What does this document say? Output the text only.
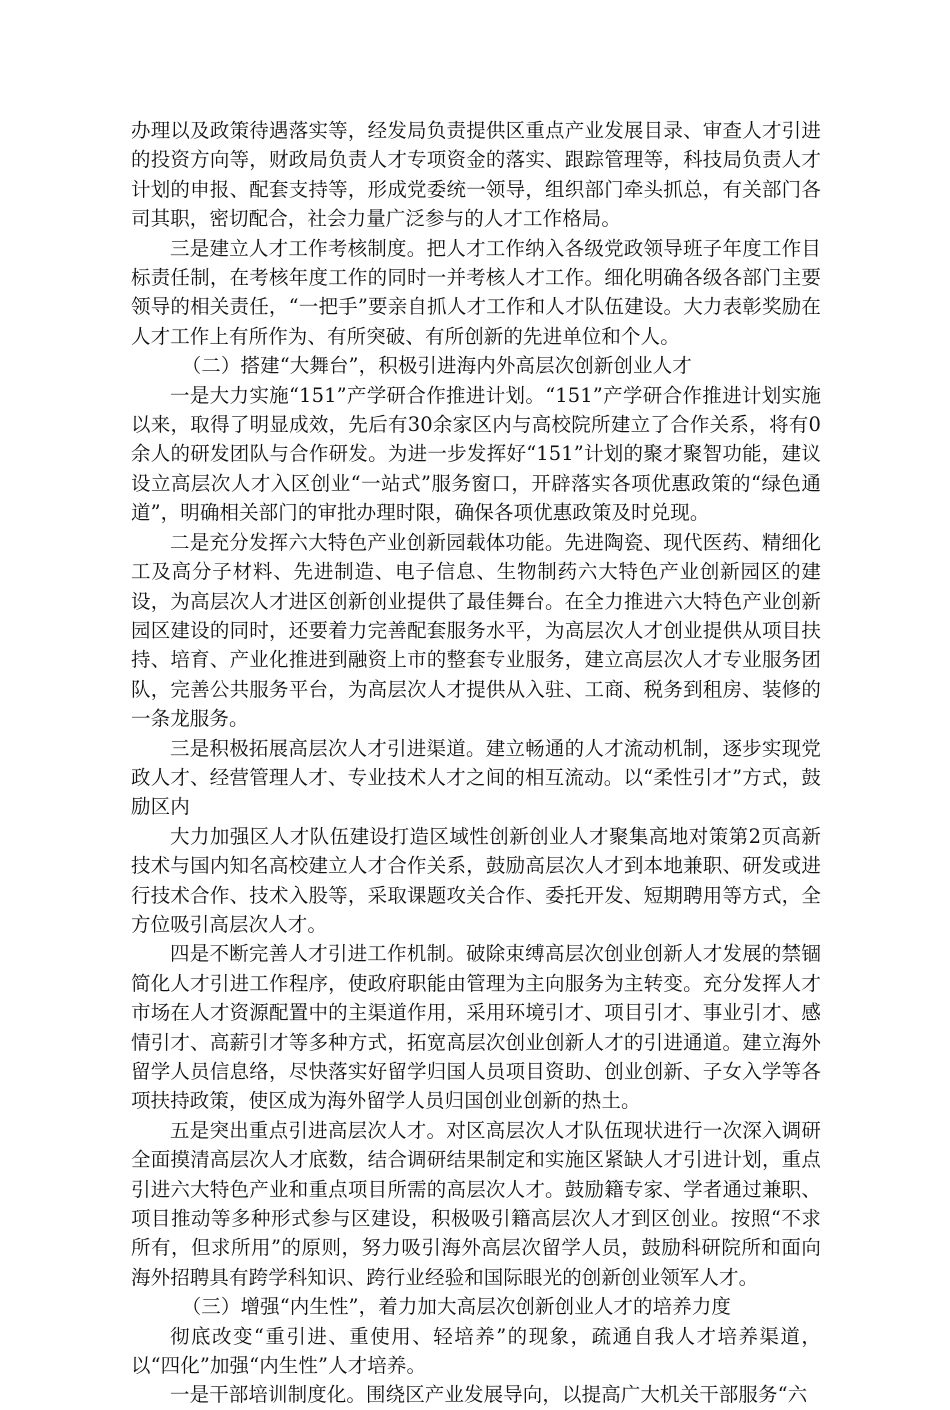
办理以及政策待遇落实等，经发局负责提供区重点产业发展目录、审查人才引进的投资方向等，财政局负责人才专项资金的落实、跟踪管理等，科技局负责人才计划的申报、配套支持等，形成党委统一领导，组织部门牵头抓总，有关部门各司其职，密切配合，社会力量广泛参与的人才工作格局。

三是建立人才工作考核制度。把人才工作纳入各级党政领导班子年度工作目标责任制，在考核年度工作的同时一并考核人才工作。细化明确各级各部门主要领导的相关责任，“一把手”要亲自抓人才工作和人才队伍建设。大力表彰奖励在人才工作上有所作为、有所突破、有所创新的先进单位和个人。

（二）搭建“大舞台”，积极引进海内外高层次创新创业人才

一是大力实施“151”产学研合作推进计划。“151”产学研合作推进计划实施以来，取得了明显成效，先后有30余家区内与高校院所建立了合作关系，将有0余人的研发团队与合作研发。为进一步发挥好“151”计划的聚才聚智功能，建议设立高层次人才入区创业“一站式”服务窗口，开辟落实各项优惠政策的“绿色通道”，明确相关部门的审批办理时限，确保各项优惠政策及时兑现。

二是充分发挥六大特色产业创新园载体功能。先进陶瓷、现代医药、精细化工及高分子材料、先进制造、电子信息、生物制药六大特色产业创新园区的建设，为高层次人才进区创新创业提供了最佳舞台。在全力推进六大特色产业创新园区建设的同时，还要着力完善配套服务水平，为高层次人才创业提供从项目扶持、培育、产业化推进到融资上市的整套专业服务，建立高层次人才专业服务团队，完善公共服务平台，为高层次人才提供从入驻、工商、税务到租房、装修的一条龙服务。

三是积极拓展高层次人才引进渠道。建立畅通的人才流动机制，逐步实现党政人才、经营管理人才、专业技术人才之间的相互流动。以“柔性引才”方式，鼓励区内

大力加强区人才队伍建设打造区域性创新创业人才聚集高地对策第2页高新技术与国内知名高校建立人才合作关系，鼓励高层次人才到本地兼职、研发或进行技术合作、技术入股等，采取课题攻关合作、委托开发、短期聘用等方式，全方位吸引高层次人才。

四是不断完善人才引进工作机制。破除束缚高层次创业创新人才发展的禁锢简化人才引进工作程序，使政府职能由管理为主向服务为主转变。充分发挥人才市场在人才资源配置中的主渠道作用，采用环境引才、项目引才、事业引才、感情引才、高薪引才等多种方式，拓宽高层次创业创新人才的引进通道。建立海外留学人员信息络，尽快落实好留学归国人员项目资助、创业创新、子女入学等各项扶持政策，使区成为海外留学人员归国创业创新的热土。

五是突出重点引进高层次人才。对区高层次人才队伍现状进行一次深入调研全面摸清高层次人才底数，结合调研结果制定和实施区紧缺人才引进计划，重点引进六大特色产业和重点项目所需的高层次人才。鼓励籍专家、学者通过兼职、项目推动等多种形式参与区建设，积极吸引籍高层次人才到区创业。按照“不求所有，但求所用”的原则，努力吸引海外高层次留学人员，鼓励科研院所和面向海外招聘具有跨学科知识、跨行业经验和国际眼光的创新创业领军人才。

（三）增强“内生性”，着力加大高层次创新创业人才的培养力度

彻底改变“重引进、重使用、轻培养”的现象，疏通自我人才培养渠道，以“四化”加强“内生性”人才培养。

一是干部培训制度化。围绕区产业发展导向，以提高广大机关干部服务“六
